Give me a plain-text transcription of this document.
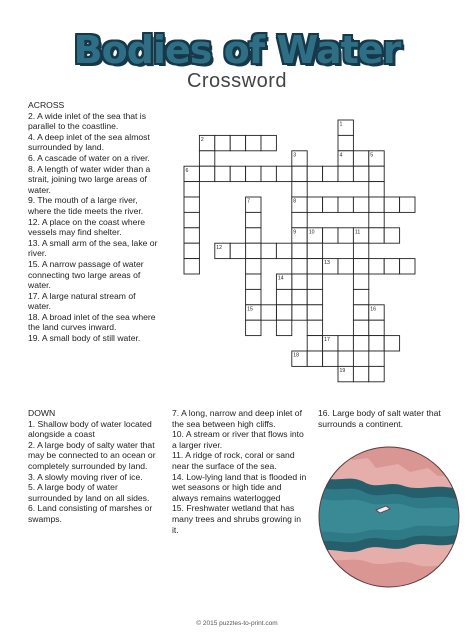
Bodies of Water
Crossword
ACROSS
2. A wide inlet of the sea that is parallel to the coastline.
4. A deep inlet of the sea almost surrounded by land.
6. A cascade of water on a river.
8. A length of water wider than a strait, joining two large areas of water.
9. The mouth of a large river, where the tide meets the river.
12. A place on the coast where vessels may find shelter.
13. A small arm of the sea, lake or river.
15. A narrow passage of water connecting two large areas of water.
17. A large natural stream of water.
18. A broad inlet of the sea where the land curves inward.
19. A small body of still water.
DOWN
1. Shallow body of water located alongside a coast
2. A large body of salty water that may be connected to an ocean or completely surrounded by land.
3. A slowly moving river of ice.
5. A large body of water surrounded by land on all sides.
6. Land consisting of marshes or swamps.
7. A long, narrow and deep inlet of the sea between high cliffs.
10. A stream or river that flows into a larger river.
11. A ridge of rock, coral or sand near the surface of the sea.
14. Low-lying land that is flooded in wet seasons or high tide and always remains waterlogged
15. Freshwater wetland that has many trees and shrubs growing in it.
16. Large body of salt water that surrounds a continent.
1
2
3	4	5
6
7	8
9 10	11
12
13
14
15	16
17
18
19
© 2015 puzzles-to-print.com
